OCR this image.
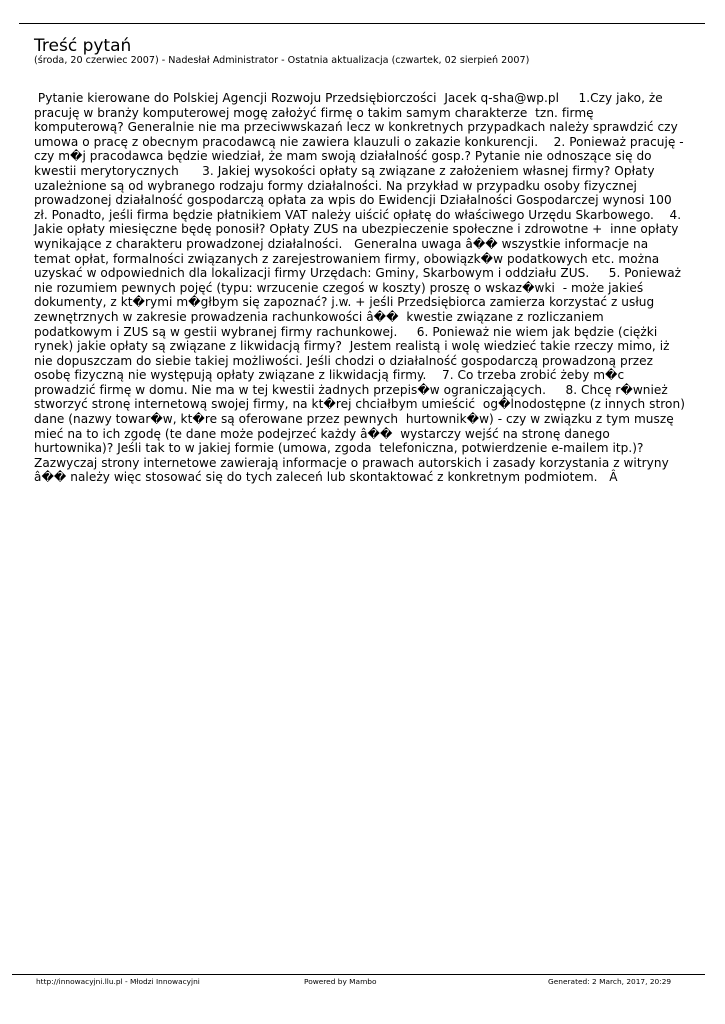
Treść pytań
(środa, 20 czerwiec 2007) - Nadesłał Administrator - Ostatnia aktualizacja (czwartek, 02 sierpień 2007)
Pytanie kierowane do Polskiej Agencji Rozwoju Przedsiębiorczości  Jacek q-sha@wp.pl     1.Czy jako, że pracuję w branży komputerowej mogę założyć firmę o takim samym charakterze  tzn. firmę komputerową? Generalnie nie ma przeciwwskazań lecz w konkretnych przypadkach należy sprawdzić czy umowa o pracę z obecnym pracodawcą nie zawiera klauzuli o zakazie konkurencji.    2. Ponieważ pracuję - czy m�j pracodawca będzie wiedział, że mam swoją działalność gosp.? Pytanie nie odnoszące się do kwestii merytorycznych      3. Jakiej wysokości opłaty są związane z założeniem własnej firmy? Opłaty uzależnione są od wybranego rodzaju formy działalności. Na przykład w przypadku osoby fizycznej prowadzonej działalność gospodarczą opłata za wpis do Ewidencji Działalności Gospodarczej wynosi 100 zł. Ponadto, jeśli firma będzie płatnikiem VAT należy uiścić opłatę do właściwego Urzędu Skarbowego.    4. Jakie opłaty miesięczne będę ponosił? Opłaty ZUS na ubezpieczenie społeczne i zdrowotne +  inne opłaty wynikające z charakteru prowadzonej działalności.   Generalna uwaga â�� wszystkie informacje na temat opłat, formalności związanych z zarejestrowaniem firmy, obowiązk�w podatkowych etc. można uzyskać w odpowiednich dla lokalizacji firmy Urzędach: Gminy, Skarbowym i oddziału ZUS.     5. Ponieważ nie rozumiem pewnych pojęć (typu: wrzucenie czegoś w koszty) proszę o wskaz�wki  - może jakieś dokumenty, z kt�rymi m�głbym się zapoznać? j.w. + jeśli Przedsiębiorca zamierza korzystać z usług zewnętrznych w zakresie prowadzenia rachunkowości â��  kwestie związane z rozliczaniem podatkowym i ZUS są w gestii wybranej firmy rachunkowej.     6. Ponieważ nie wiem jak będzie (ciężki rynek) jakie opłaty są związane z likwidacją firmy?  Jestem realistą i wolę wiedzieć takie rzeczy mimo, iż nie dopuszczam do siebie takiej możliwości. Jeśli chodzi o działalność gospodarczą prowadzoną przez osobę fizyczną nie występują opłaty związane z likwidacją firmy.    7. Co trzeba zrobić żeby m�c prowadzić firmę w domu. Nie ma w tej kwestii żadnych przepis�w ograniczających.     8. Chcę r�wnież stworzyć stronę internetową swojej firmy, na kt�rej chciałbym umieścić  og�lnodostępne (z innych stron) dane (nazwy towar�w, kt�re są oferowane przez pewnych  hurtownik�w) - czy w związku z tym muszę mieć na to ich zgodę (te dane może podejrzeć każdy â��  wystarczy wejść na stronę danego hurtownika)? Jeśli tak to w jakiej formie (umowa, zgoda  telefoniczna, potwierdzenie e-mailem itp.)? Zazwyczaj strony internetowe zawierają informacje o prawach autorskich i zasady korzystania z witryny â�� należy więc stosować się do tych zaleceń lub skontaktować z konkretnym podmiotem.   Â
http://innowacyjni.llu.pl - Młodzi Innowacyjni	Powered by Mambo	Generated: 2 March, 2017, 20:29
